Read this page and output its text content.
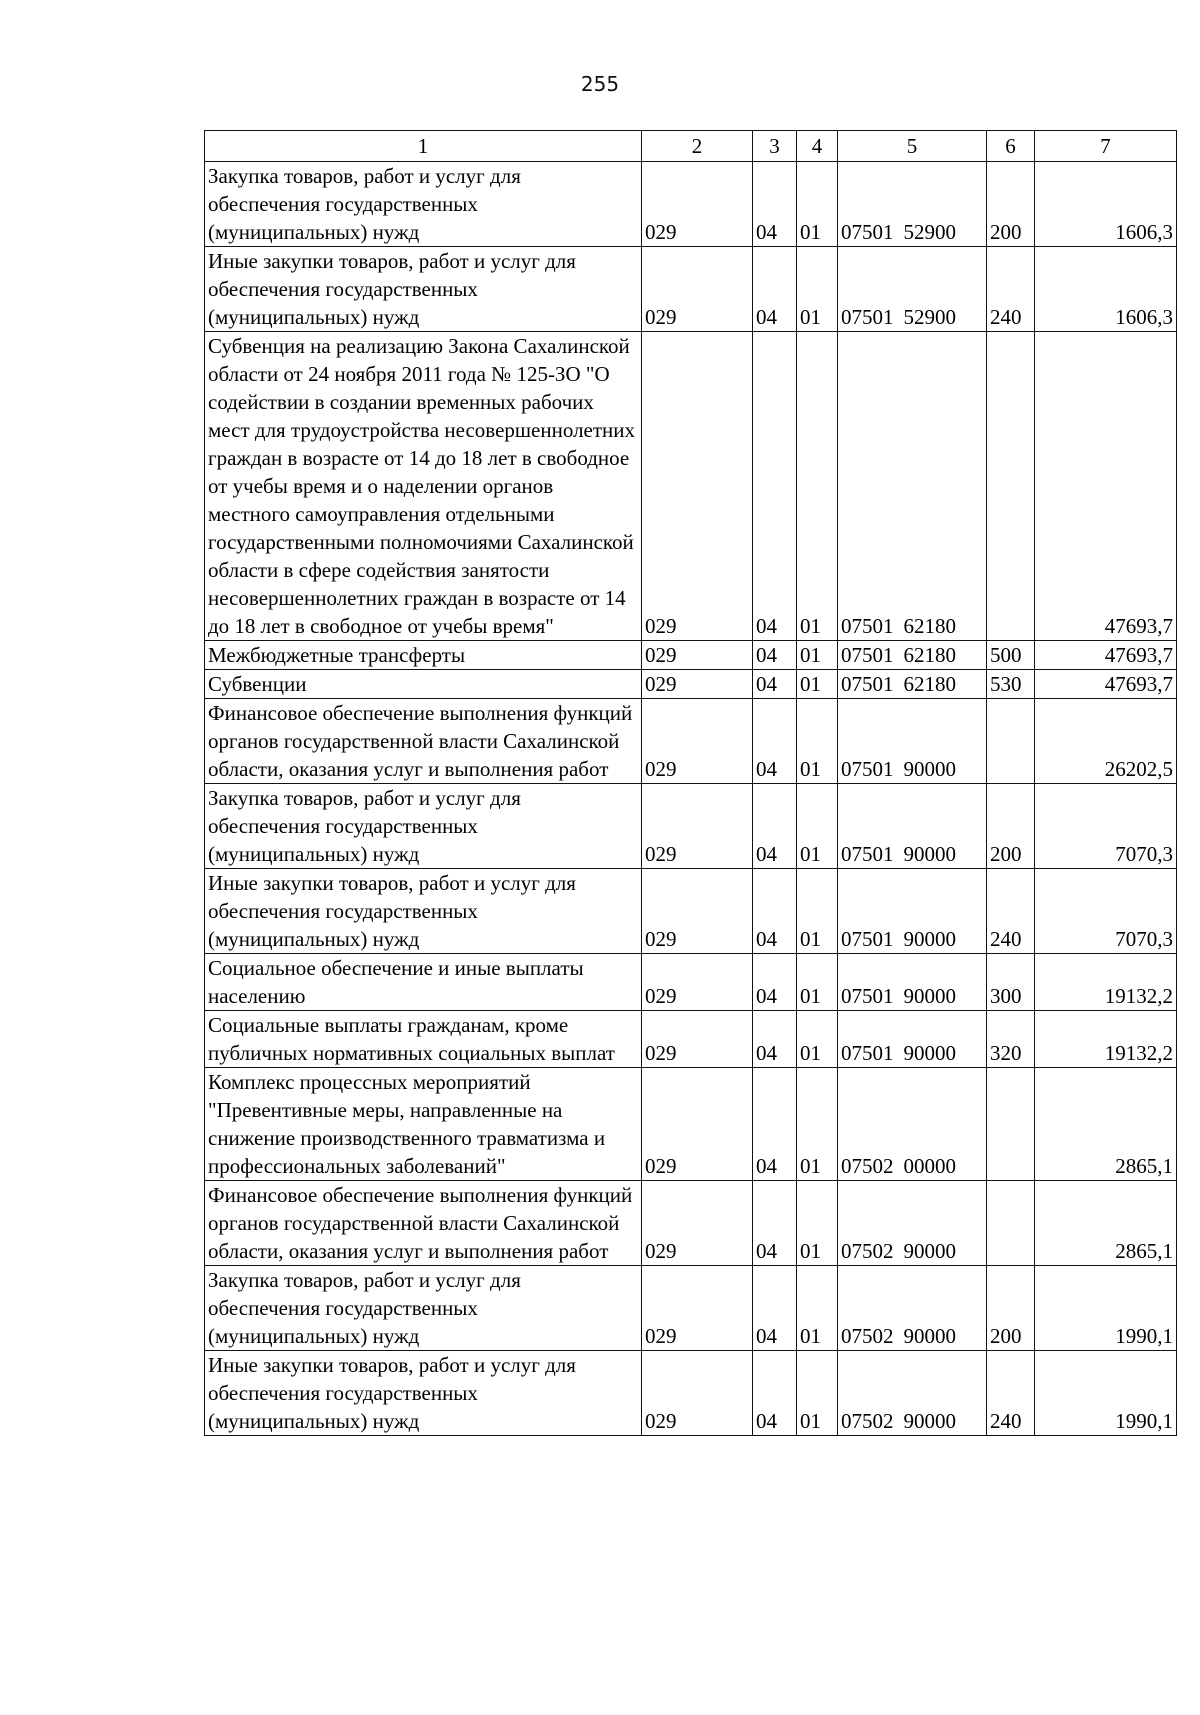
255
1	2	3	4	5	6	7
Закупка товаров, работ и услуг для обеспечения государственных (муниципальных) нужд	029	04	01	07501 52900	200	1606,3
Иные закупки товаров, работ и услуг для обеспечения государственных (муниципальных) нужд	029	04	01	07501 52900	240	1606,3
Субвенция на реализацию Закона Сахалинской области от 24 ноября 2011 года № 125-ЗО "О содействии в создании временных рабочих мест для трудоустройства несовершеннолетних граждан в возрасте от 14 до 18 лет в свободное от учебы время и о наделении органов местного самоуправления отдельными государственными полномочиями Сахалинской области в сфере содействия занятости несовершеннолетних граждан в возрасте от 14 до 18 лет в свободное от учебы время"	029	04	01	07501 62180		47693,7
Межбюджетные трансферты	029	04	01	07501 62180	500	47693,7
Субвенции	029	04	01	07501 62180	530	47693,7
Финансовое обеспечение выполнения функций органов государственной власти Сахалинской области, оказания услуг и выполнения работ	029	04	01	07501 90000		26202,5
Закупка товаров, работ и услуг для обеспечения государственных (муниципальных) нужд	029	04	01	07501 90000	200	7070,3
Иные закупки товаров, работ и услуг для обеспечения государственных (муниципальных) нужд	029	04	01	07501 90000	240	7070,3
Социальное обеспечение и иные выплаты населению	029	04	01	07501 90000	300	19132,2
Социальные выплаты гражданам, кроме публичных нормативных социальных выплат	029	04	01	07501 90000	320	19132,2
Комплекс процессных мероприятий "Превентивные меры, направленные на снижение производственного травматизма и профессиональных заболеваний"	029	04	01	07502 00000		2865,1
Финансовое обеспечение выполнения функций органов государственной власти Сахалинской области, оказания услуг и выполнения работ	029	04	01	07502 90000		2865,1
Закупка товаров, работ и услуг для обеспечения государственных (муниципальных) нужд	029	04	01	07502 90000	200	1990,1
Иные закупки товаров, работ и услуг для обеспечения государственных (муниципальных) нужд	029	04	01	07502 90000	240	1990,1
